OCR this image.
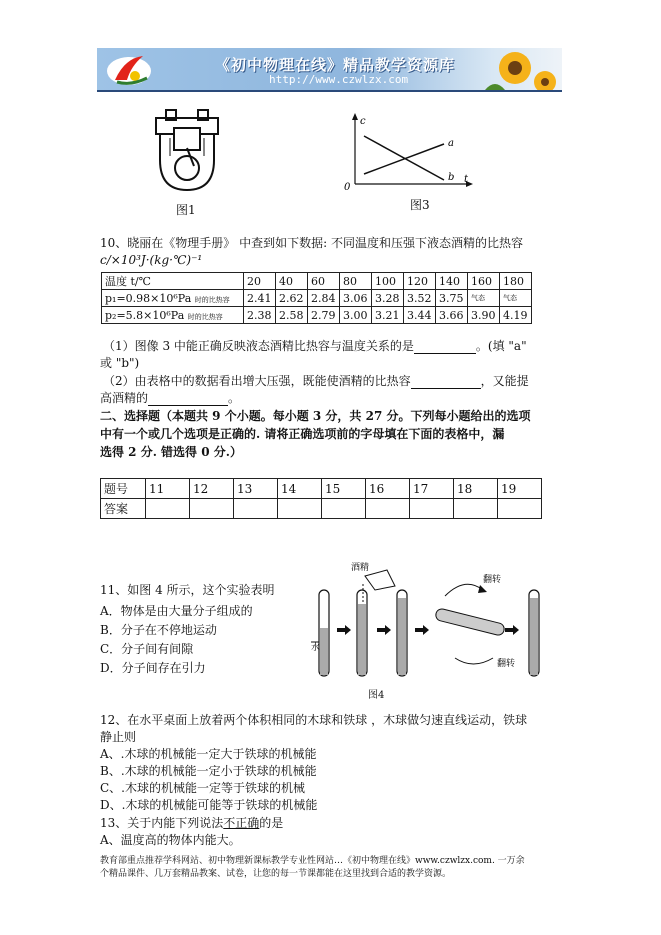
《初中物理在线》精品教学资源库
http://www.czwlzx.com
图1
c
t
0
a
b
图3
10、晓丽在《物理手册》 中查到如下数据: 不同温度和压强下液态酒精的比热容
c/×10³J·(kg·℃)⁻¹
温度 t/℃	20	40	60	80	100	120	140	160	180
p₁=0.98×10⁶Pa 时的比热容	2.41	2.62	2.84	3.06	3.28	3.52	3.75	气态	气态
p₂=5.8×10⁶Pa 时的比热容	2.38	2.58	2.79	3.00	3.21	3.44	3.66	3.90	4.19
（1）图像 3 中能正确反映液态酒精比热容与温度关系的是	。(填 "a"
或 "b")
（2）由表格中的数据看出增大压强，既能使酒精的比热容	，又能提
高酒精的	。
二、选择题（本题共 9 个小题。每小题 3 分，共 27 分。下列每小题给出的选项
中有一个或几个选项是正确的. 请将正确选项前的字母填在下面的表格中，漏
选得 2 分. 错选得 0 分.）
题号	11	12	13	14	15	16	17	18	19
答案									
11、如图 4 所示，这个实验表明
A．物体是由大量分子组成的
B．分子在不停地运动
C．分子间有间隙
D．分子间存在引力
水
酒精
翻转
翻转
图4
12、在水平桌面上放着两个体积相同的木球和铁球 ，木球做匀速直线运动，铁球
静止则
A、.木球的机械能一定大于铁球的机械能
B、.木球的机械能一定小于铁球的机械能
C、.木球的机械能一定等于铁球的机械
D、.木球的机械能可能等于铁球的机械能
13、关于内能下列说法不正确的是
A、温度高的物体内能大。
教育部重点推荐学科网站、初中物理新课标教学专业性网站…《初中物理在线》www.czwlzx.com. 一万余
个精品课件、几万套精品教案、试卷，让您的每一节课都能在这里找到合适的教学资源。
